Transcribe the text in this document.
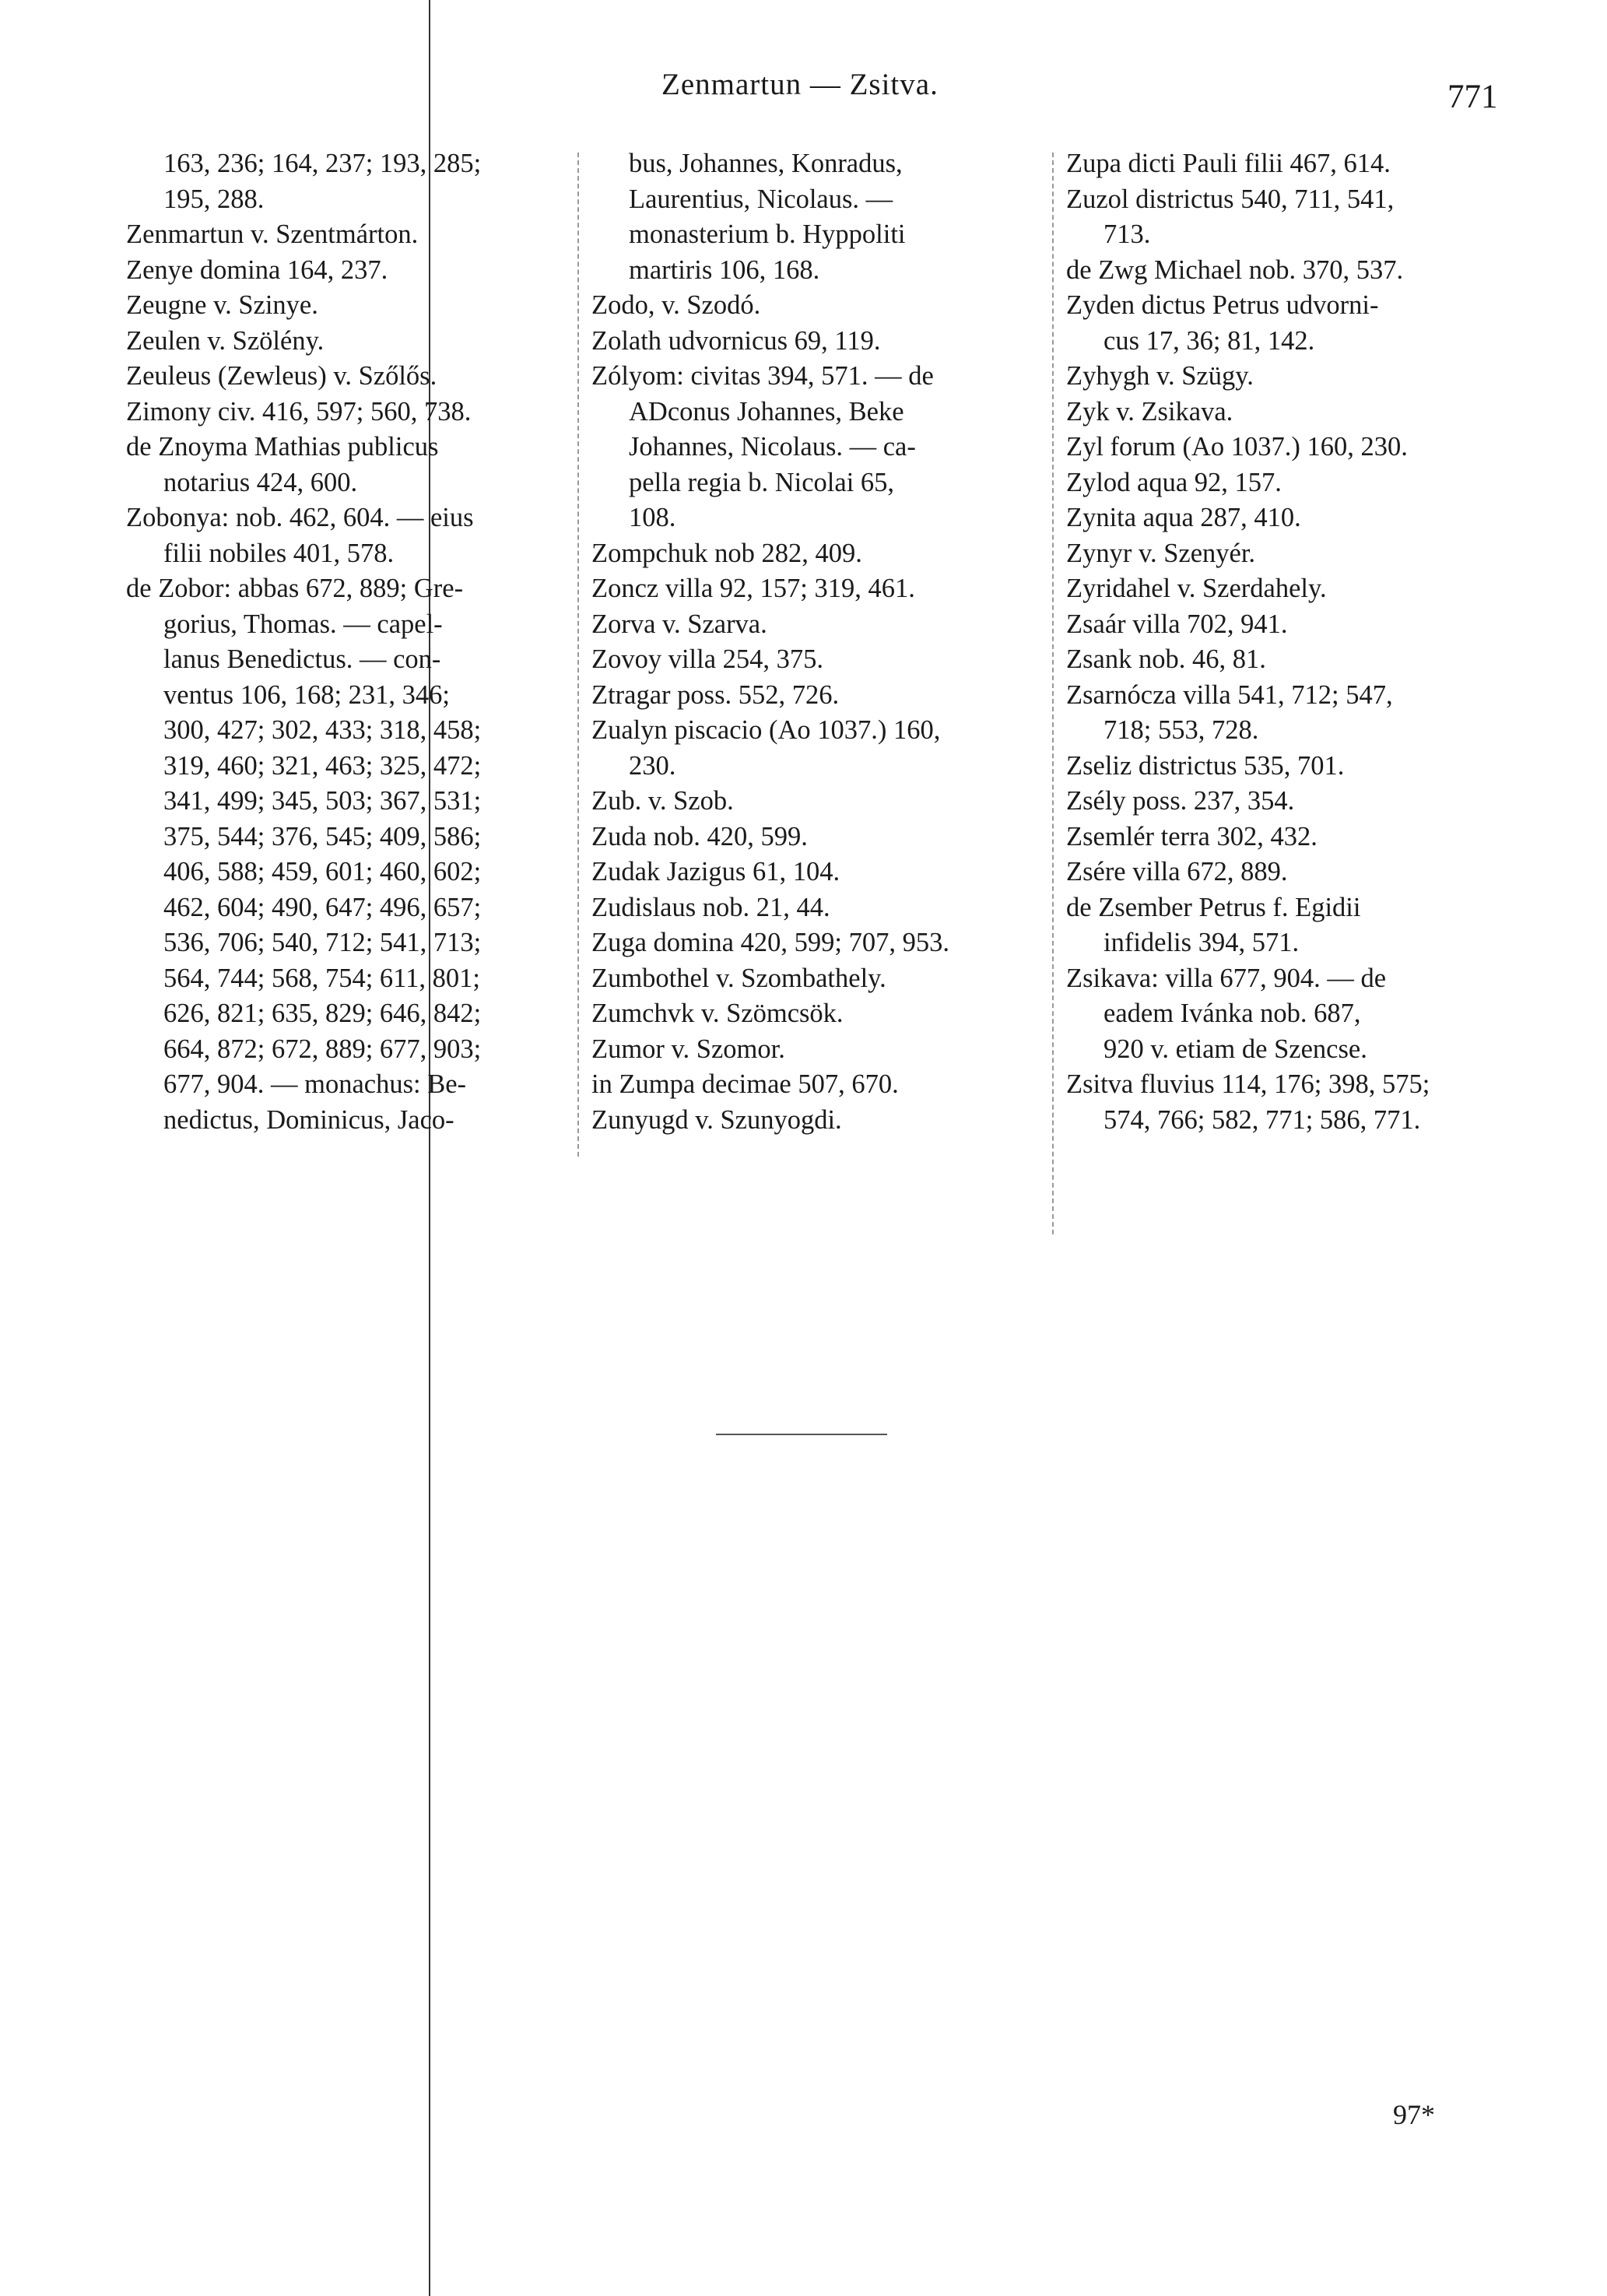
Zenmartun — Zsitva.	771
163, 236; 164, 237; 193, 285;
195, 288.
Zenmartun v. Szentmárton.
Zenye domina 164, 237.
Zeugne v. Szinye.
Zeulen v. Szölény.
Zeuleus (Zewleus) v. Szőlős.
Zimony civ. 416, 597; 560, 738.
de Znoyma Mathias publicus
notarius 424, 600.
Zobonya: nob. 462, 604. — eius
filii nobiles 401, 578.
de Zobor: abbas 672, 889; Gre-
gorius, Thomas. — capel-
lanus Benedictus. — con-
ventus 106, 168; 231, 346;
300, 427; 302, 433; 318, 458;
319, 460; 321, 463; 325, 472;
341, 499; 345, 503; 367, 531;
375, 544; 376, 545; 409, 586;
406, 588; 459, 601; 460, 602;
462, 604; 490, 647; 496, 657;
536, 706; 540, 712; 541, 713;
564, 744; 568, 754; 611, 801;
626, 821; 635, 829; 646, 842;
664, 872; 672, 889; 677, 903;
677, 904. — monachus: Be-
nedictus, Dominicus, Jaco-
bus, Johannes, Konradus,
Laurentius, Nicolaus. —
monasterium b. Hyppoliti
martiris 106, 168.
Zodo, v. Szodó.
Zolath udvornicus 69, 119.
Zólyom: civitas 394, 571. — de
ADconus Johannes, Beke
Johannes, Nicolaus. — ca-
pella regia b. Nicolai 65,
108.
Zompchuk nob 282, 409.
Zoncz villa 92, 157; 319, 461.
Zorva v. Szarva.
Zovoy villa 254, 375.
Ztragar poss. 552, 726.
Zualyn piscacio (Ao 1037.) 160,
230.
Zub. v. Szob.
Zuda nob. 420, 599.
Zudak Jazigus 61, 104.
Zudislaus nob. 21, 44.
Zuga domina 420, 599; 707, 953.
Zumbothel v. Szombathely.
Zumchvk v. Szömcsök.
Zumor v. Szomor.
in Zumpa decimae 507, 670.
Zunyugd v. Szunyogdi.
Zupa dicti Pauli filii 467, 614.
Zuzol districtus 540, 711, 541,
713.
de Zwg Michael nob. 370, 537.
Zyden dictus Petrus udvorni-
cus 17, 36; 81, 142.
Zyhygh v. Szügy.
Zyk v. Zsikava.
Zyl forum (Ao 1037.) 160, 230.
Zylod aqua 92, 157.
Zynita aqua 287, 410.
Zynyr v. Szenyér.
Zyridahel v. Szerdahely.
Zsaár villa 702, 941.
Zsank nob. 46, 81.
Zsarnócza villa 541, 712; 547,
718; 553, 728.
Zseliz districtus 535, 701.
Zsély poss. 237, 354.
Zsemlér terra 302, 432.
Zsére villa 672, 889.
de Zsember Petrus f. Egidii
infidelis 394, 571.
Zsikava: villa 677, 904. — de
eadem Ivánka nob. 687,
920 v. etiam de Szencse.
Zsitva fluvius 114, 176; 398, 575;
574, 766; 582, 771; 586, 771.
97*
